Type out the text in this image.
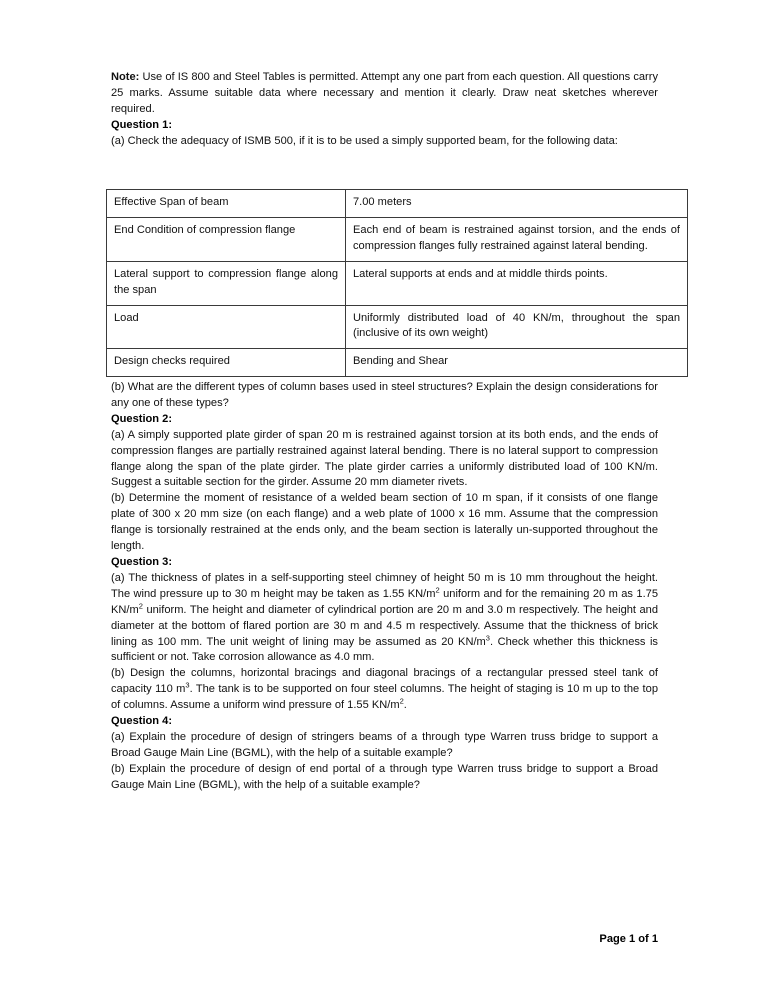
Note: Use of IS 800 and Steel Tables is permitted. Attempt any one part from each question. All questions carry 25 marks. Assume suitable data where necessary and mention it clearly. Draw neat sketches wherever required.

Question 1:

(a) Check the adequacy of ISMB 500, if it is to be used a simply supported beam, for the following data:

Effective Span of beam	7.00 meters
End Condition of compression flange	Each end of beam is restrained against torsion, and the ends of compression flanges fully restrained against lateral bending.
Lateral support to compression flange along the span	Lateral supports at ends and at middle thirds points.
Load	Uniformly distributed load of 40 KN/m, throughout the span (inclusive of its own weight)
Design checks required	Bending and Shear

(b) What are the different types of column bases used in steel structures? Explain the design considerations for any one of these types?

Question 2:

(a) A simply supported plate girder of span 20 m is restrained against torsion at its both ends, and the ends of compression flanges are partially restrained against lateral bending. There is no lateral support to compression flange along the span of the plate girder. The plate girder carries a uniformly distributed load of 100 KN/m. Suggest a suitable section for the girder. Assume 20 mm diameter rivets.

(b) Determine the moment of resistance of a welded beam section of 10 m span, if it consists of one flange plate of 300 x 20 mm size (on each flange) and a web plate of 1000 x 16 mm. Assume that the compression flange is torsionally restrained at the ends only, and the beam section is laterally un-supported throughout the length.

Question 3:

(a) The thickness of plates in a self-supporting steel chimney of height 50 m is 10 mm throughout the height. The wind pressure up to 30 m height may be taken as 1.55 $KN/m^2$ uniform and for the remaining 20 m as 1.75 $KN/m^2$ uniform. The height and diameter of cylindrical portion are 20 m and 3.0 m respectively. The height and diameter at the bottom of flared portion are 30 m and 4.5 m respectively. Assume that the thickness of brick lining as 100 mm. The unit weight of lining may be assumed as 20 $KN/m^3$. Check whether this thickness is sufficient or not. Take corrosion allowance as 4.0 mm.

(b) Design the columns, horizontal bracings and diagonal bracings of a rectangular pressed steel tank of capacity 110 $m^3$. The tank is to be supported on four steel columns. The height of staging is 10 m up to the top of columns. Assume a uniform wind pressure of 1.55 $KN/m^2$.

Question 4:

(a) Explain the procedure of design of stringers beams of a through type Warren truss bridge to support a Broad Gauge Main Line (BGML), with the help of a suitable example?

(b) Explain the procedure of design of end portal of a through type Warren truss bridge to support a Broad Gauge Main Line (BGML), with the help of a suitable example?

Page 1 of 1
